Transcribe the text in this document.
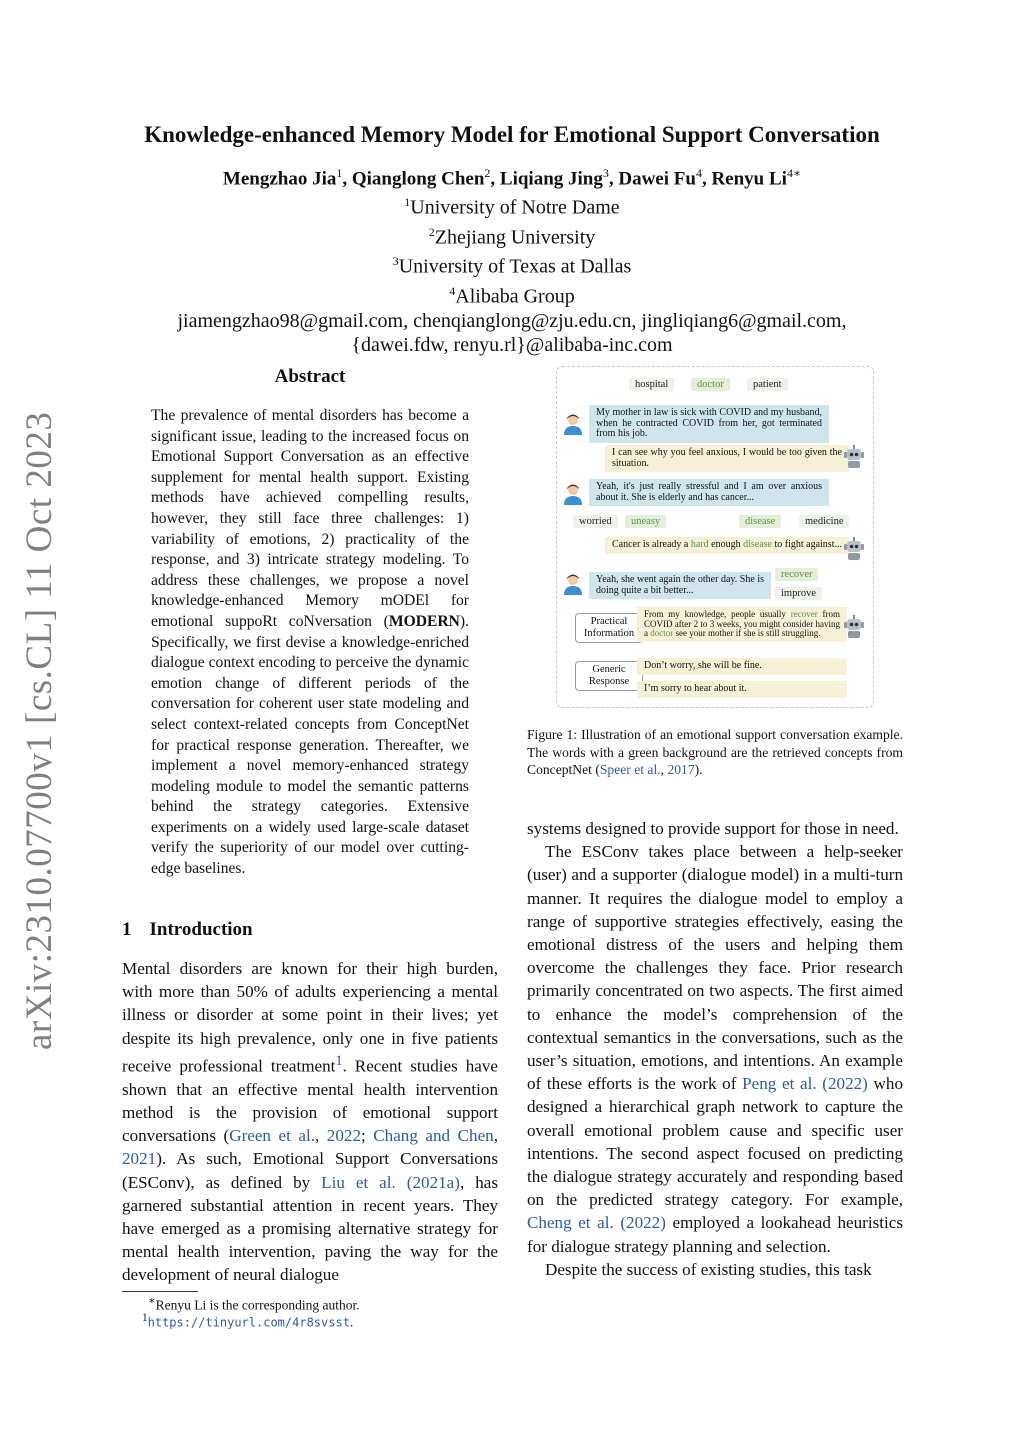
arXiv:2310.07700v1 [cs.CL] 11 Oct 2023
Knowledge-enhanced Memory Model for Emotional Support Conversation
Mengzhao Jia$^1$, Qianglong Chen$^2$, Liqiang Jing$^3$, Dawei Fu$^4$, Renyu $Li^{4∗}$
$^1$University of Notre Dame
$^2$Zhejiang University
$^3$University of Texas at Dallas
$^4$Alibaba Group
jiamengzhao98@gmail.com, chenqianglong@zju.edu.cn, jingliqiang6@gmail.com,
{dawei.fdw, renyu.rl}@alibaba-inc.com
Abstract
The prevalence of mental disorders has become a significant issue, leading to the increased focus on Emotional Support Conversation as an effective supplement for mental health support. Existing methods have achieved compelling results, however, they still face three challenges: 1) variability of emotions, 2) practicality of the response, and 3) intricate strategy modeling. To address these challenges, we propose a novel knowledge-enhanced Memory mODEl for emotional suppoRt coNversation (MODERN). Specifically, we first devise a knowledge-enriched dialogue context encoding to perceive the dynamic emotion change of different periods of the conversation for coherent user state modeling and select context-related concepts from ConceptNet for practical response generation. Thereafter, we implement a novel memory-enhanced strategy modeling module to model the semantic patterns behind the strategy categories. Extensive experiments on a widely used large-scale dataset verify the superiority of our model over cutting-edge baselines.
1 Introduction

Mental disorders are known for their high burden, with more than 50% of adults experiencing a mental illness or disorder at some point in their lives; yet despite its high prevalence, only one in five patients receive professional treatment$^1$. Recent studies have shown that an effective mental health intervention method is the provision of emotional support conversations (Green et al., 2022; Chang and Chen, 2021). As such, Emotional Support Conversations (ESConv), as defined by Liu et al. (2021a), has garnered substantial attention in recent years. They have emerged as a promising alternative strategy for mental health intervention, paving the way for the development of neural dialogue

∗Renyu Li is the corresponding author.
$^1$https://tinyurl.com/4r8svsst.
hospital	doctor	patient
My mother in law is sick with COVID and my husband, when he contracted COVID from her, got terminated from his job.
I can see why you feel anxious, I would be too given the situation.
Yeah, it's just really stressful and I am over anxious about it. She is elderly and has cancer...
worried	uneasy	disease	medicine
Cancer is already a hard enough disease to fight against...
Yeah, she went again the other day. She is doing quite a bit better...
recover
improve
Practical Information
From my knowledge, people usually recover from COVID after 2 to 3 weeks, you might consider having a doctor see your mother if she is still struggling.
Generic Response
Don’t worry, she will be fine.
I’m sorry to hear about it.
Figure 1: Illustration of an emotional support conversation example. The words with a green background are the retrieved concepts from ConceptNet (Speer et al., 2017).

systems designed to provide support for those in need.

The ESConv takes place between a help-seeker (user) and a supporter (dialogue model) in a multi-turn manner. It requires the dialogue model to employ a range of supportive strategies effectively, easing the emotional distress of the users and helping them overcome the challenges they face. Prior research primarily concentrated on two aspects. The first aimed to enhance the model’s comprehension of the contextual semantics in the conversations, such as the user’s situation, emotions, and intentions. An example of these efforts is the work of Peng et al. (2022) who designed a hierarchical graph network to capture the overall emotional problem cause and specific user intentions. The second aspect focused on predicting the dialogue strategy accurately and responding based on the predicted strategy category. For example, Cheng et al. (2022) employed a lookahead heuristics for dialogue strategy planning and selection.

Despite the success of existing studies, this task
